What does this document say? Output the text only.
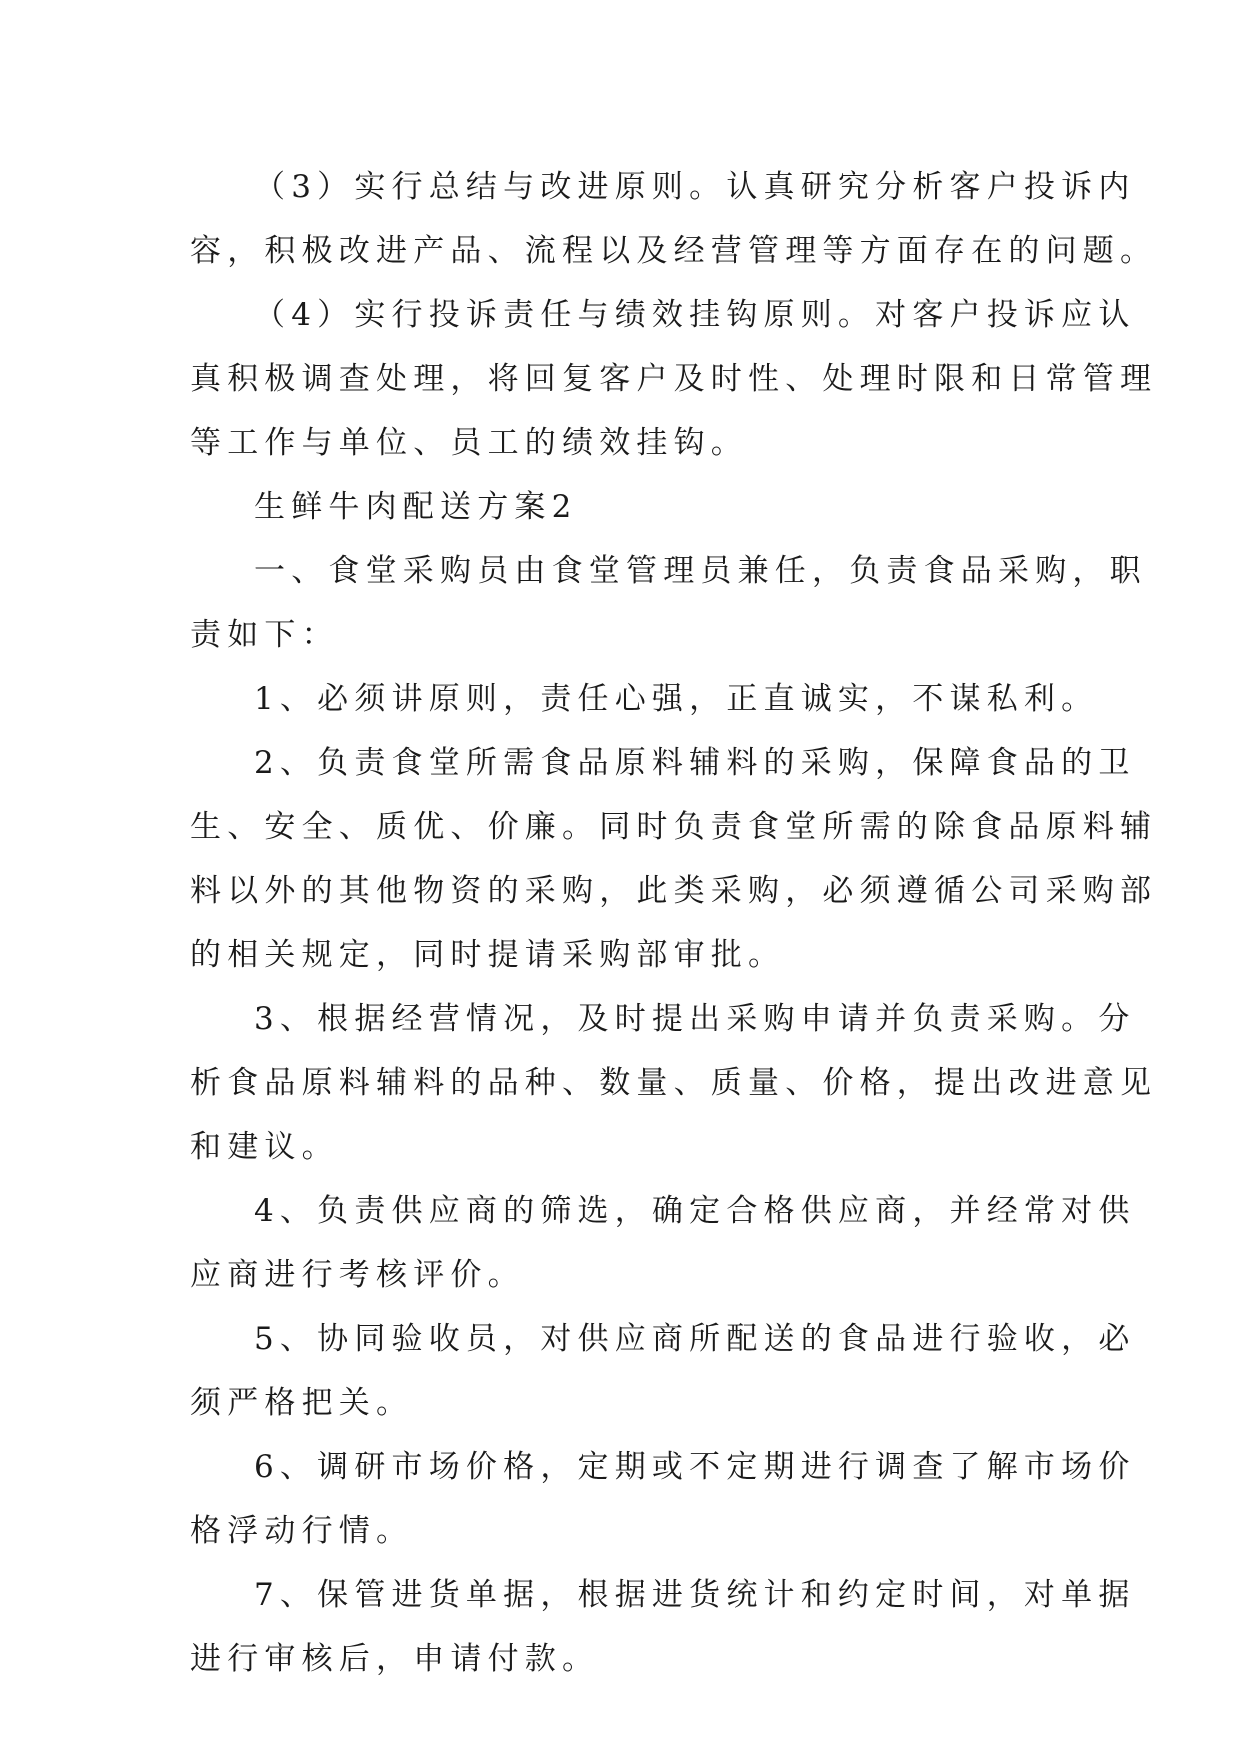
（3）实行总结与改进原则。认真研究分析客户投诉内
容，积极改进产品、流程以及经营管理等方面存在的问题。
（4）实行投诉责任与绩效挂钩原则。对客户投诉应认
真积极调查处理，将回复客户及时性、处理时限和日常管理
等工作与单位、员工的绩效挂钩。
生鲜牛肉配送方案2
一、食堂采购员由食堂管理员兼任，负责食品采购，职
责如下：
1、必须讲原则，责任心强，正直诚实，不谋私利。
2、负责食堂所需食品原料辅料的采购，保障食品的卫
生、安全、质优、价廉。同时负责食堂所需的除食品原料辅
料以外的其他物资的采购，此类采购，必须遵循公司采购部
的相关规定，同时提请采购部审批。
3、根据经营情况，及时提出采购申请并负责采购。分
析食品原料辅料的品种、数量、质量、价格，提出改进意见
和建议。
4、负责供应商的筛选，确定合格供应商，并经常对供
应商进行考核评价。
5、协同验收员，对供应商所配送的食品进行验收，必
须严格把关。
6、调研市场价格，定期或不定期进行调查了解市场价
格浮动行情。
7、保管进货单据，根据进货统计和约定时间，对单据
进行审核后，申请付款。
